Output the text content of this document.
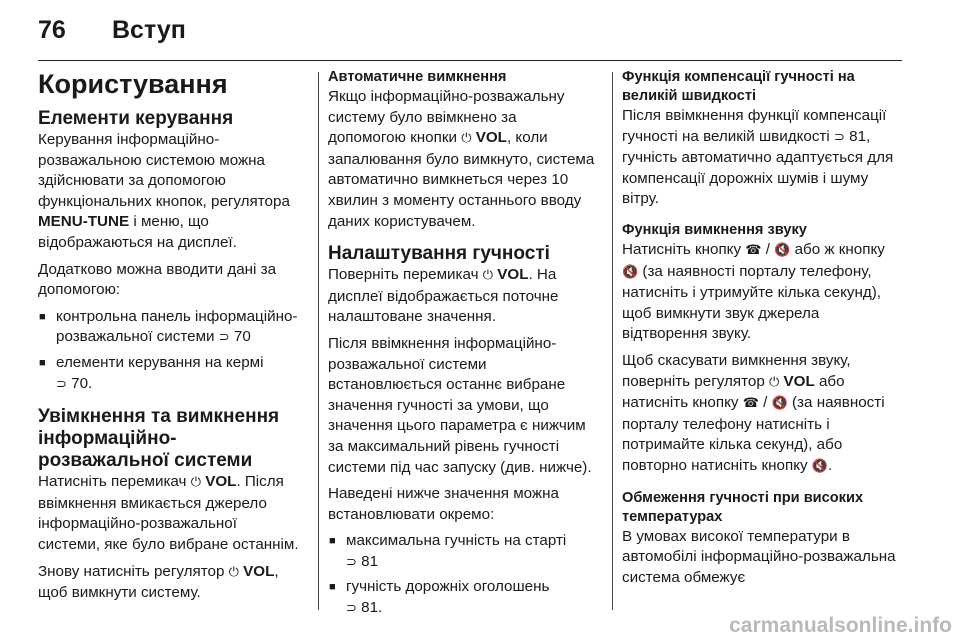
76 Вступ
Користування
Елементи керування

Керування інформаційно-розважальною системою можна здійснювати за допомогою функціональних кнопок, регулятора MENU-TUNE і меню, що відображаються на дисплеї.

Додатково можна вводити дані за допомогою:

■ контрольна панель інформаційно-розважальної системи ⊃ 70
■ елементи керування на кермі
⊃ 70.
Увімкнення та вимкнення інформаційно-розважальної системи

Натисніть перемикач ⏻ VOL. Після ввімкнення вмикається джерело інформаційно-розважальної системи, яке було вибране останнім.

Знову натисніть регулятор ⏻ VOL, щоб вимкнути систему.

Автоматичне вимкнення

Якщо інформаційно-розважальну систему було ввімкнено за допомогою кнопки ⏻ VOL, коли запалювання було вимкнуто, система автоматично вимкнеться через 10 хвилин з моменту останнього вводу даних користувачем.

Налаштування гучності

Поверніть перемикач ⏻ VOL. На дисплеї відображається поточне налаштоване значення.

Після ввімкнення інформаційно-розважальної системи встановлюється останнє вибране значення гучності за умови, що значення цього параметра є нижчим за максимальний рівень гучності системи під час запуску (див. нижче).

Наведені нижче значення можна встановлювати окремо:

■ максимальна гучність на старті
⊃ 81
■ гучність дорожніх оголошень
⊃ 81.
Функція компенсації гучності на великій швидкості

Після ввімкнення функції компенсації гучності на великій швидкості ⊃ 81, гучність автоматично адаптується для компенсації дорожніх шумів і шуму вітру.

Функція вимкнення звуку

Натисніть кнопку ☎ / 🔇 або ж кнопку 🔇 (за наявності порталу телефону, натисніть і утримуйте кілька секунд), щоб вимкнути звук джерела відтворення звуку.

Щоб скасувати вимкнення звуку, поверніть регулятор ⏻ VOL або натисніть кнопку ☎ / 🔇 (за наявності порталу телефону натисніть і потримайте кілька секунд), або повторно натисніть кнопку 🔇.

Обмеження гучності при високих температурах

В умовах високої температури в автомобілі інформаційно-розважальна система обмежує

carmanualsonline.info
